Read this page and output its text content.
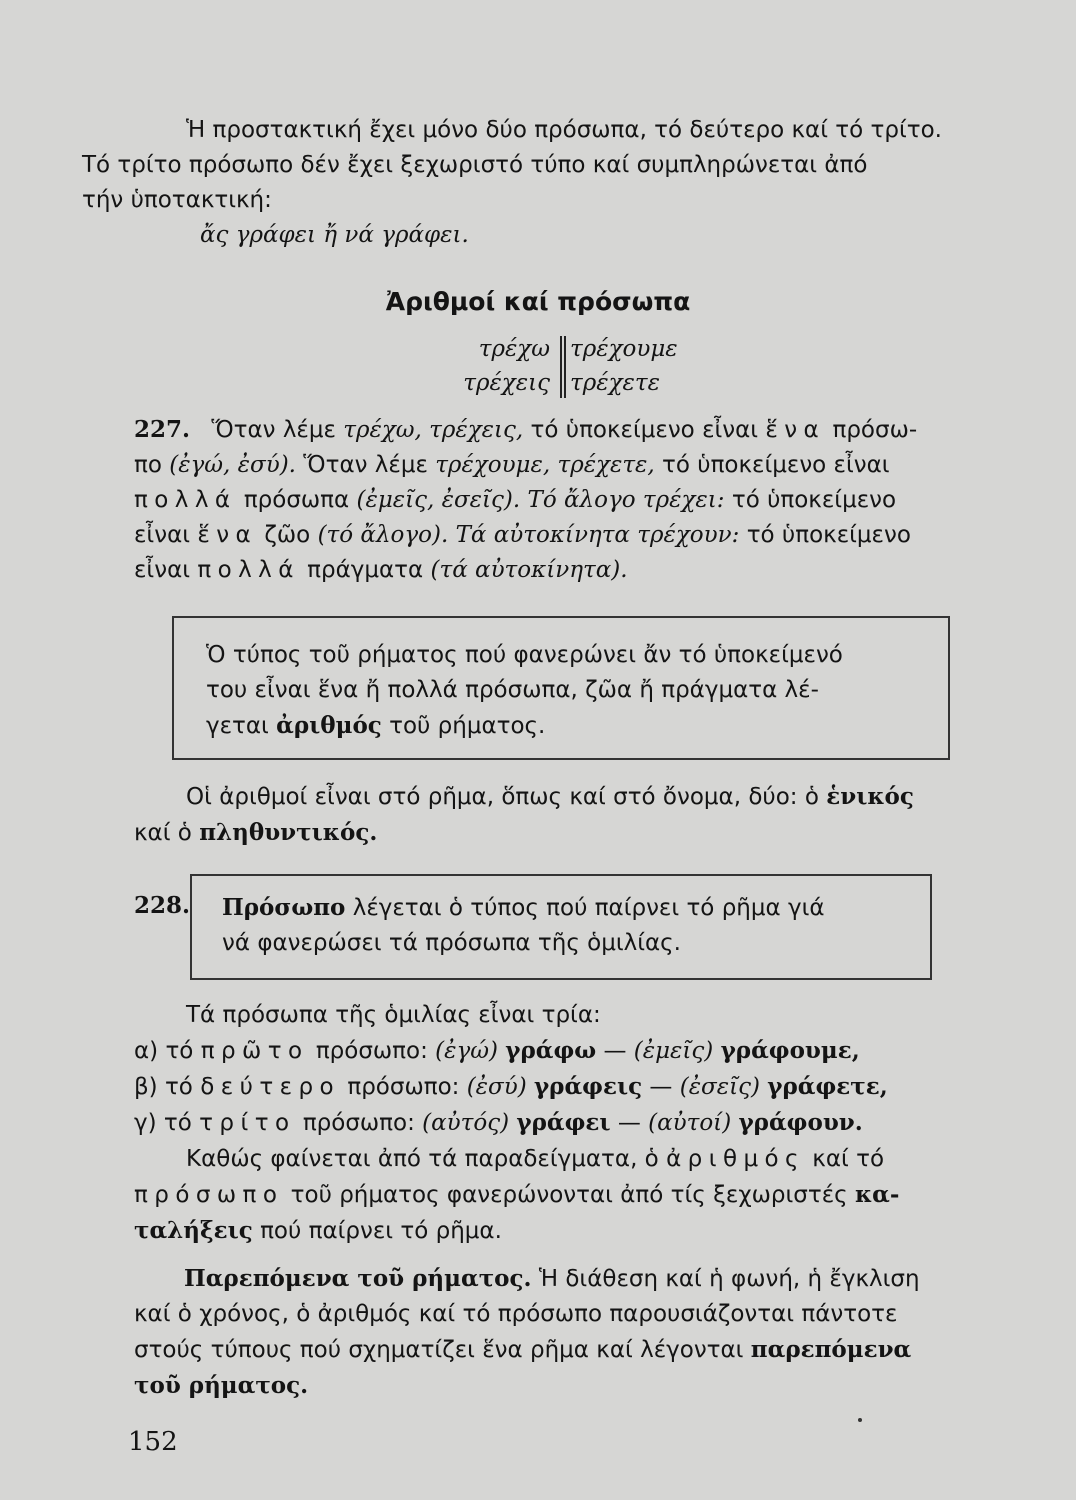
Ἡ προστακτική ἔχει μόνο δύο πρόσωπα, τό δεύτερο καί τό τρίτο.
Τό τρίτο πρόσωπο δέν ἔχει ξεχωριστό τύπο καί συμπληρώνεται ἀπό
τήν ὑποτακτική:

ἄς γράφει ἤ νά γράφει.
Ἀριθμοί καί πρόσωπα
τρέχω
τρέχεις
τρέχουμε
τρέχετε
227. Ὅταν λέμε τρέχω, τρέχεις, τό ὑποκείμενο εἶναι ἕνα πρόσω-
πο (ἐγώ, ἐσύ). Ὅταν λέμε τρέχουμε, τρέχετε, τό ὑποκείμενο εἶναι
πολλά πρόσωπα (ἐμεῖς, ἐσεῖς). Τό ἄλογο τρέχει: τό ὑποκείμενο
εἶναι ἕνα ζῶο (τό ἄλογο). Τά αὐτοκίνητα τρέχουν: τό ὑποκείμενο
εἶναι πολλά πράγματα (τά αὐτοκίνητα).
Ὁ τύπος τοῦ ρήματος πού φανερώνει ἄν τό ὑποκείμενό
του εἶναι ἕνα ἤ πολλά πρόσωπα, ζῶα ἤ πράγματα λέ-
γεται ἀριθμός τοῦ ρήματος.
Οἱ ἀριθμοί εἶναι στό ρῆμα, ὅπως καί στό ὄνομα, δύο: ὁ ἑνικός
καί ὁ πληθυντικός.
228. Πρόσωπο λέγεται ὁ τύπος πού παίρνει τό ρῆμα γιά
νά φανερώσει τά πρόσωπα τῆς ὁμιλίας.
Τά πρόσωπα τῆς ὁμιλίας εἶναι τρία:
α) τό πρῶτο πρόσωπο: (ἐγώ) γράφω — (ἐμεῖς) γράφουμε,
β) τό δεύτερο πρόσωπο: (ἐσύ) γράφεις — (ἐσεῖς) γράφετε,
γ) τό τρίτο πρόσωπο: (αὐτός) γράφει — (αὐτοί) γράφουν.
Καθώς φαίνεται ἀπό τά παραδείγματα, ὁ ἀριθμός καί τό
πρόσωπο τοῦ ρήματος φανερώνονται ἀπό τίς ξεχωριστές κα-
ταλήξεις πού παίρνει τό ρῆμα.
Παρεπόμενα τοῦ ρήματος. Ἡ διάθεση καί ἡ φωνή, ἡ ἔγκλιση
καί ὁ χρόνος, ὁ ἀριθμός καί τό πρόσωπο παρουσιάζονται πάντοτε
στούς τύπους πού σχηματίζει ἕνα ρῆμα καί λέγονται παρεπόμενα
τοῦ ρήματος.
152
